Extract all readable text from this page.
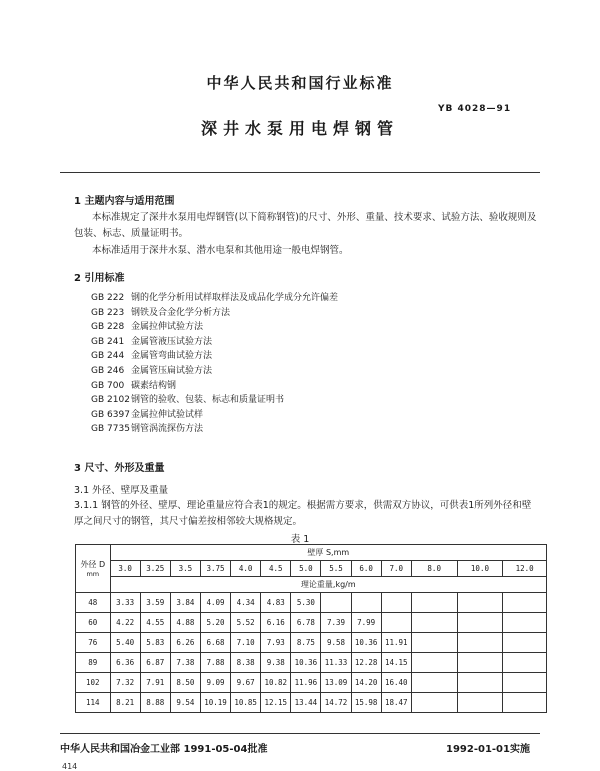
中华人民共和国行业标准
YB 4028—91
深井水泵用电焊钢管
1 主题内容与适用范围
本标准规定了深井水泵用电焊钢管(以下简称钢管)的尺寸、外形、重量、技术要求、试验方法、验收规则及包装、标志、质量证明书。
本标准适用于深井水泵、潜水电泵和其他用途一般电焊钢管。
2 引用标准
GB 222 钢的化学分析用试样取样法及成品化学成分允许偏差
GB 223 钢铁及合金化学分析方法
GB 228 金属拉伸试验方法
GB 241 金属管液压试验方法
GB 244 金属管弯曲试验方法
GB 246 金属管压扁试验方法
GB 700 碳素结构钢
GB 2102钢管的验收、包装、标志和质量证明书
GB 6397金属拉伸试验试样
GB 7735钢管涡流探伤方法
3 尺寸、外形及重量
3.1 外径、壁厚及重量
3.1.1 钢管的外径、壁厚、理论重量应符合表1的规定。根据需方要求，供需双方协议，可供表1所列外径和壁厚之间尺寸的钢管，其尺寸偏差按相邻较大规格规定。
表 1
外径 D
mm	壁厚 S,mm												
	3.0	3.25	3.5	3.75	4.0	4.5	5.0	5.5	6.0	7.0	8.0	10.0	12.0
	理论重量,kg/m												
48	3.33	3.59	3.84	4.09	4.34	4.83	5.30						
60	4.22	4.55	4.88	5.20	5.52	6.16	6.78	7.39	7.99				
76	5.40	5.83	6.26	6.68	7.10	7.93	8.75	9.58	10.36	11.91			
89	6.36	6.87	7.38	7.88	8.38	9.38	10.36	11.33	12.28	14.15			
102	7.32	7.91	8.50	9.09	9.67	10.82	11.96	13.09	14.20	16.40			
114	8.21	8.88	9.54	10.19	10.85	12.15	13.44	14.72	15.98	18.47			
中华人民共和国冶金工业部 1991-05-04批准	1992-01-01实施
414
